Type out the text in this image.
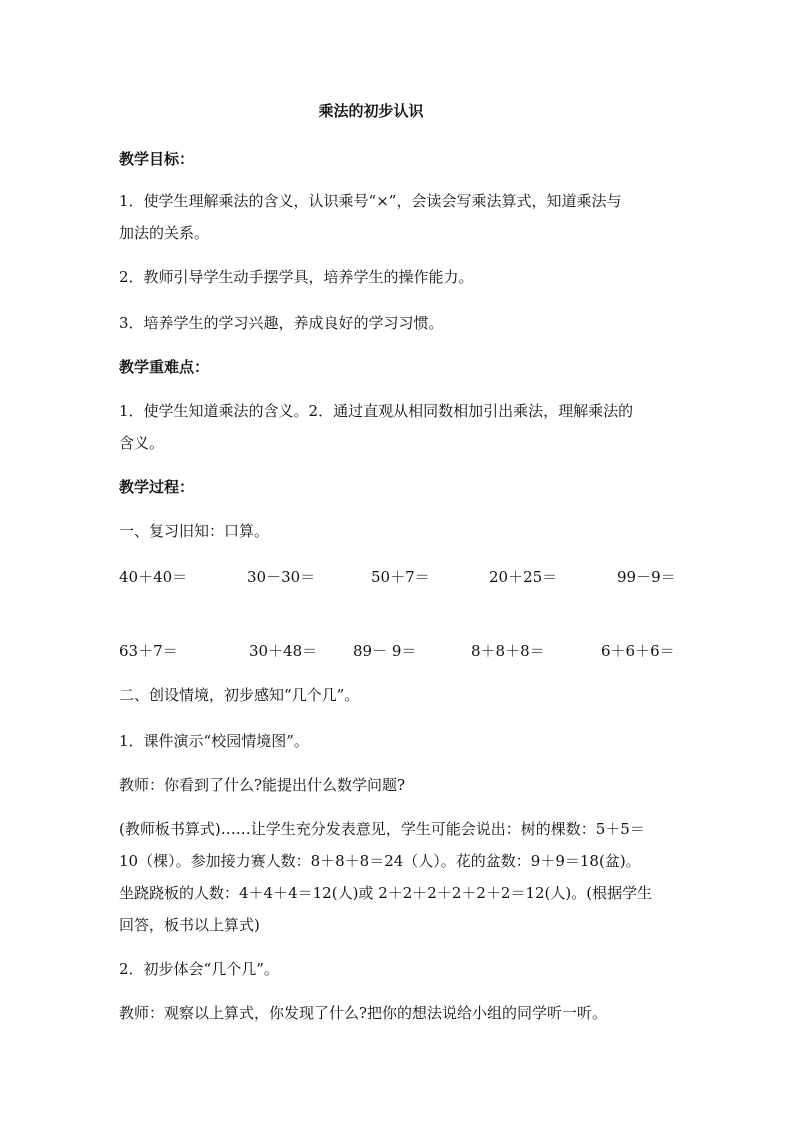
乘法的初步认识
教学目标：
1．使学生理解乘法的含义，认识乘号“×”，会读会写乘法算式，知道乘法与
加法的关系。
2．教师引导学生动手摆学具，培养学生的操作能力。
3．培养学生的学习兴趣，养成良好的学习习惯。
教学重难点：
1．使学生知道乘法的含义。2．通过直观从相同数相加引出乘法，理解乘法的
含义。
教学过程：
一、复习旧知：口算。
40＋40＝	30－30＝	50＋7＝	20＋25＝	99－9＝
63＋7＝	30＋48＝ 89－ 9＝	8＋8＋8＝	6＋6＋6＝
二、创设情境，初步感知“几个几”。
1．课件演示“校园情境图”。
教师：你看到了什么?能提出什么数学问题?
(教师板书算式)……让学生充分发表意见，学生可能会说出：树的棵数：5＋5＝
10（棵）。参加接力赛人数：8＋8＋8＝24（人）。花的盆数：9＋9＝18(盆)。
坐跷跷板的人数：4＋4＋4＝12(人)或 2＋2＋2＋2＋2＋2＝12(人)。(根据学生
回答，板书以上算式)
2．初步体会“几个几”。
教师：观察以上算式，你发现了什么?把你的想法说给小组的同学听一听。
